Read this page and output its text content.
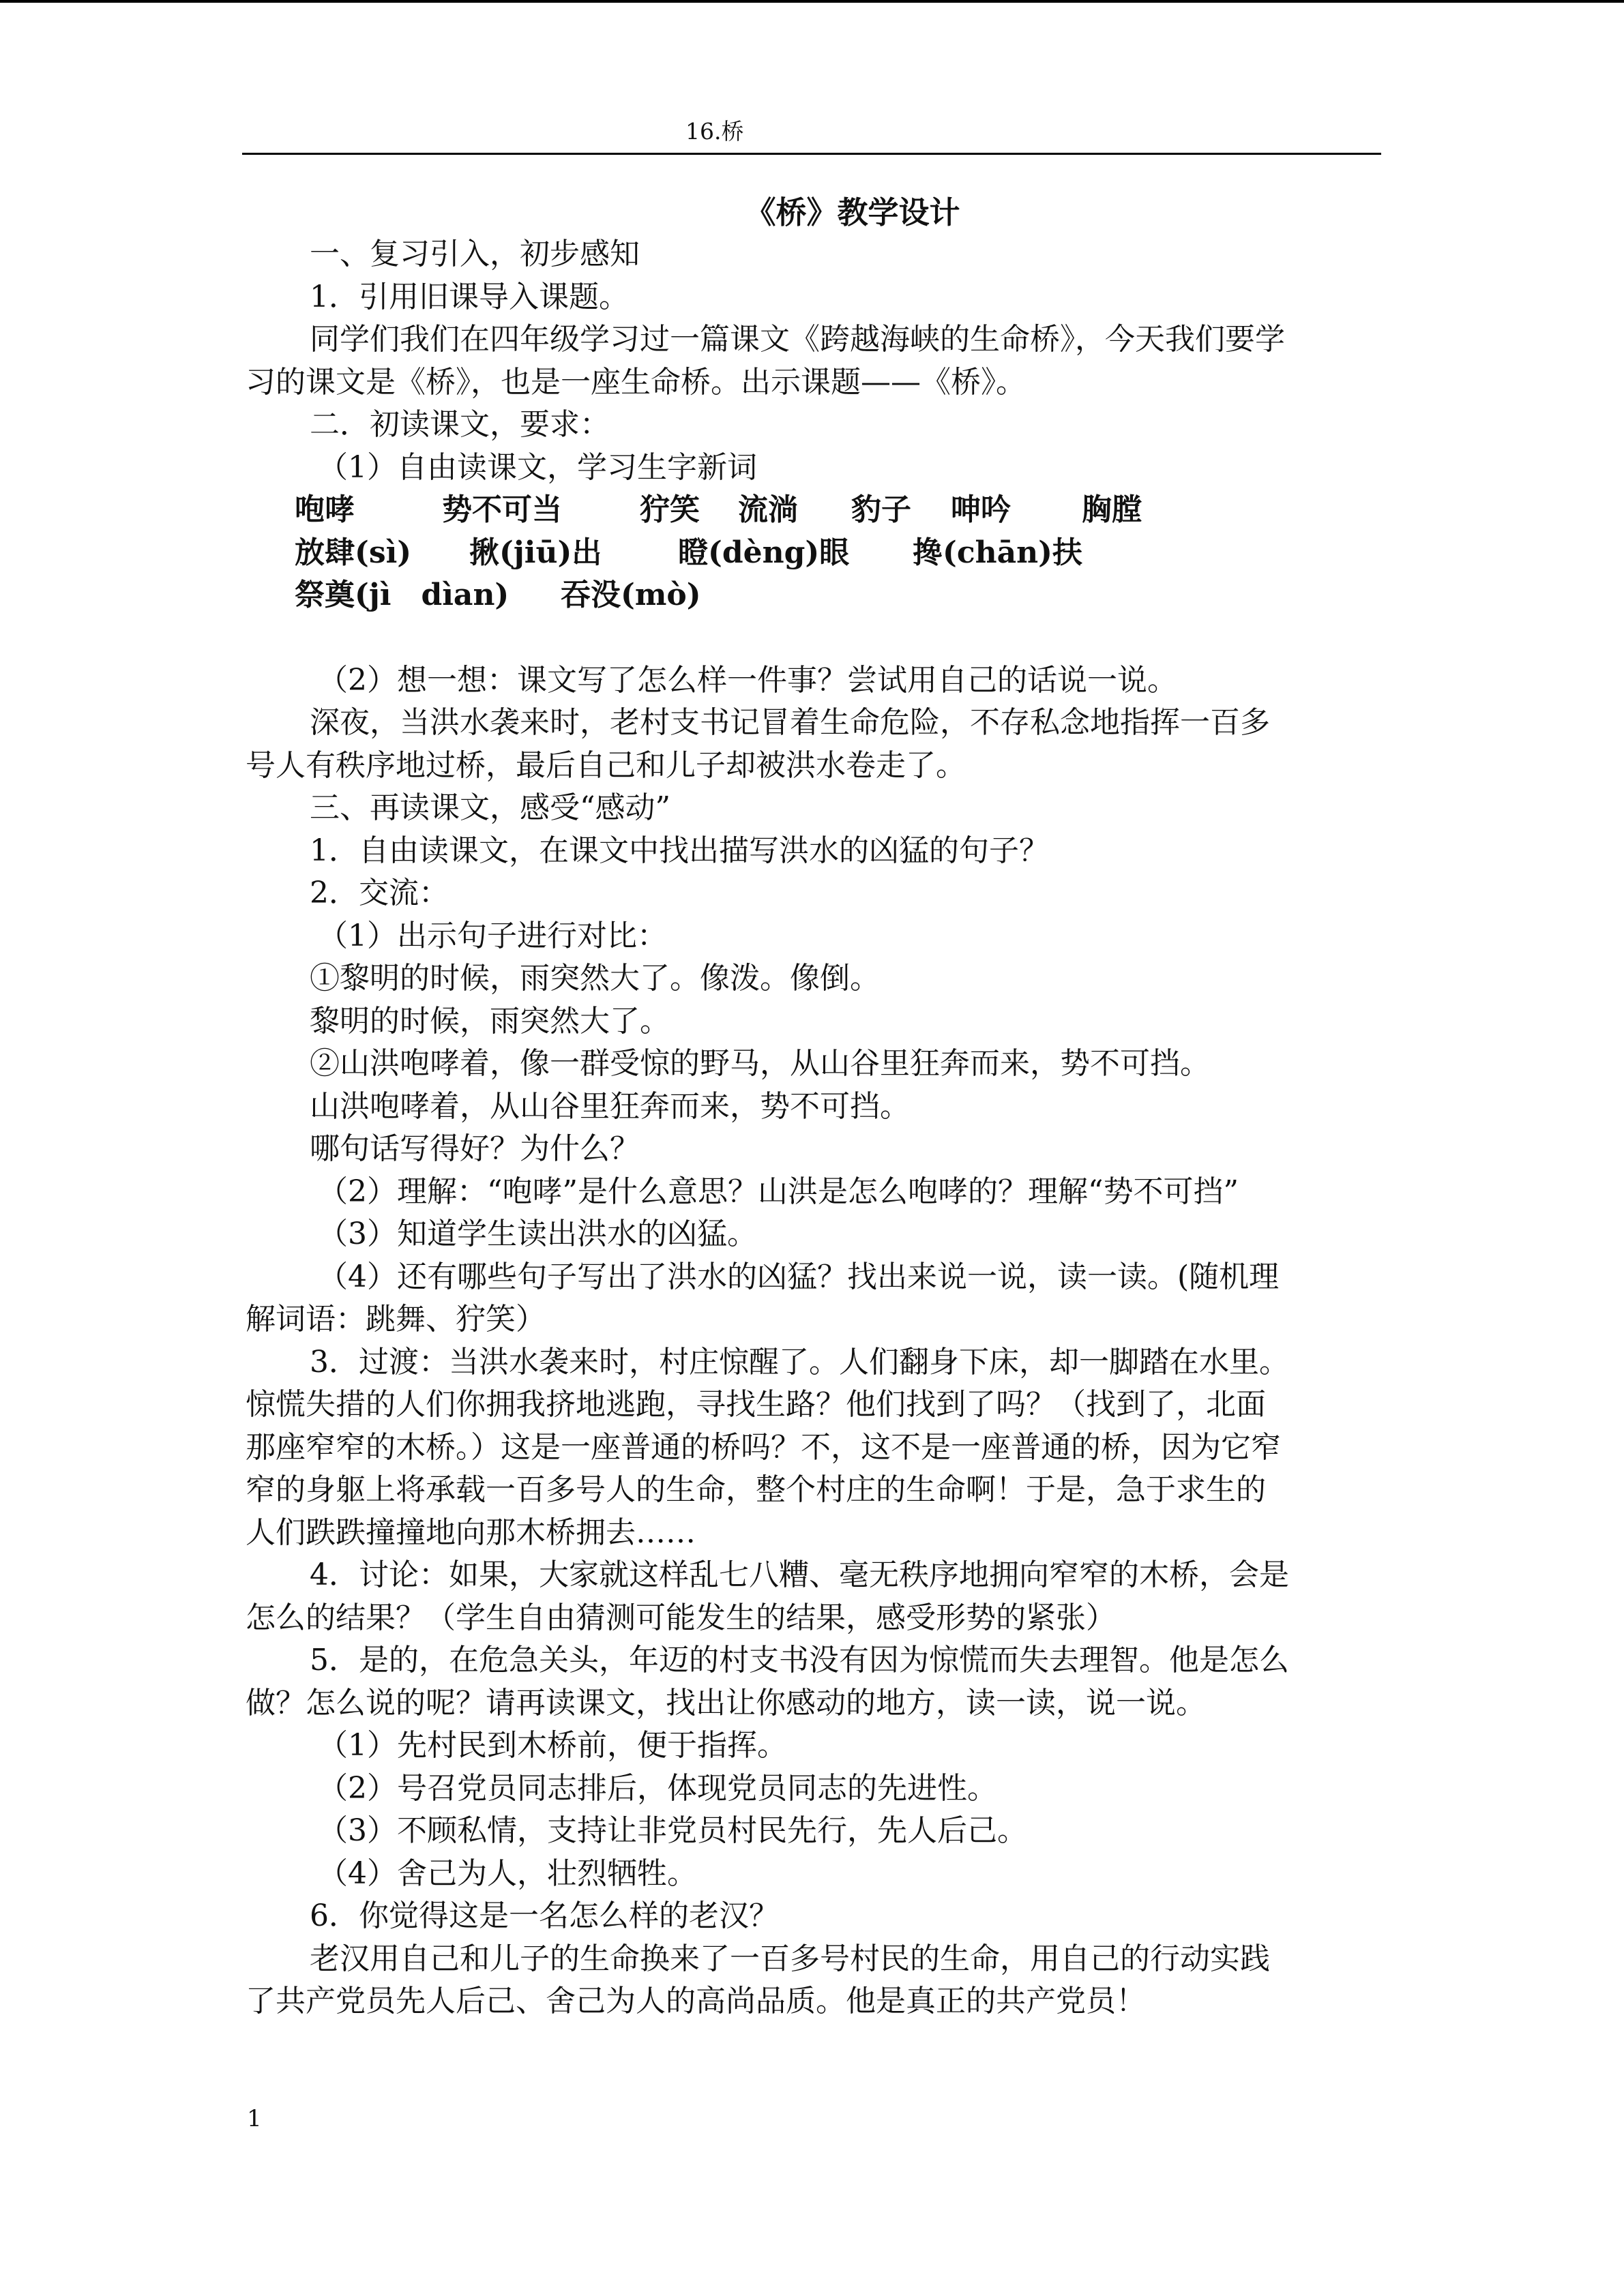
16.桥
《桥》教学设计

一、复习引入，初步感知

1．引用旧课导入课题。

同学们我们在四年级学习过一篇课文《跨越海峡的生命桥》，今天我们要学

习的课文是《桥》，也是一座生命桥。出示课题——《桥》。

二．初读课文，要求：

（1）自由读课文，学习生字新词

咆哮	势不可当	狞笑 流淌 豹子 呻吟 胸膛
放肆(sì) 揪(jiū)出	瞪(dèng)眼 搀(chān)扶
祭奠(jì　dìan) 吞没(mò)

（2）想一想：课文写了怎么样一件事？尝试用自己的话说一说。

深夜，当洪水袭来时，老村支书记冒着生命危险，不存私念地指挥一百多

号人有秩序地过桥，最后自己和儿子却被洪水卷走了。

三、再读课文，感受“感动”

1．自由读课文，在课文中找出描写洪水的凶猛的句子？

2．交流：

（1）出示句子进行对比：

①黎明的时候，雨突然大了。像泼。像倒。

黎明的时候，雨突然大了。

②山洪咆哮着，像一群受惊的野马，从山谷里狂奔而来，势不可挡。

山洪咆哮着，从山谷里狂奔而来，势不可挡。

哪句话写得好？为什么？

（2）理解：“咆哮”是什么意思？山洪是怎么咆哮的？理解“势不可挡”

（3）知道学生读出洪水的凶猛。

（4）还有哪些句子写出了洪水的凶猛？找出来说一说，读一读。(随机理

解词语：跳舞、狞笑）

3．过渡：当洪水袭来时，村庄惊醒了。人们翻身下床，却一脚踏在水里。

惊慌失措的人们你拥我挤地逃跑，寻找生路？他们找到了吗？（找到了，北面

那座窄窄的木桥。）这是一座普通的桥吗？不，这不是一座普通的桥，因为它窄

窄的身躯上将承载一百多号人的生命，整个村庄的生命啊！于是，急于求生的

人们跌跌撞撞地向那木桥拥去……

4．讨论：如果，大家就这样乱七八糟、毫无秩序地拥向窄窄的木桥，会是

怎么的结果？（学生自由猜测可能发生的结果，感受形势的紧张）

5．是的，在危急关头，年迈的村支书没有因为惊慌而失去理智。他是怎么

做？怎么说的呢？请再读课文，找出让你感动的地方，读一读，说一说。

（1）先村民到木桥前，便于指挥。

（2）号召党员同志排后，体现党员同志的先进性。

（3）不顾私情，支持让非党员村民先行，先人后己。

（4）舍己为人，壮烈牺牲。

6．你觉得这是一名怎么样的老汉？

老汉用自己和儿子的生命换来了一百多号村民的生命，用自己的行动实践

了共产党员先人后己、舍己为人的高尚品质。他是真正的共产党员！

1
